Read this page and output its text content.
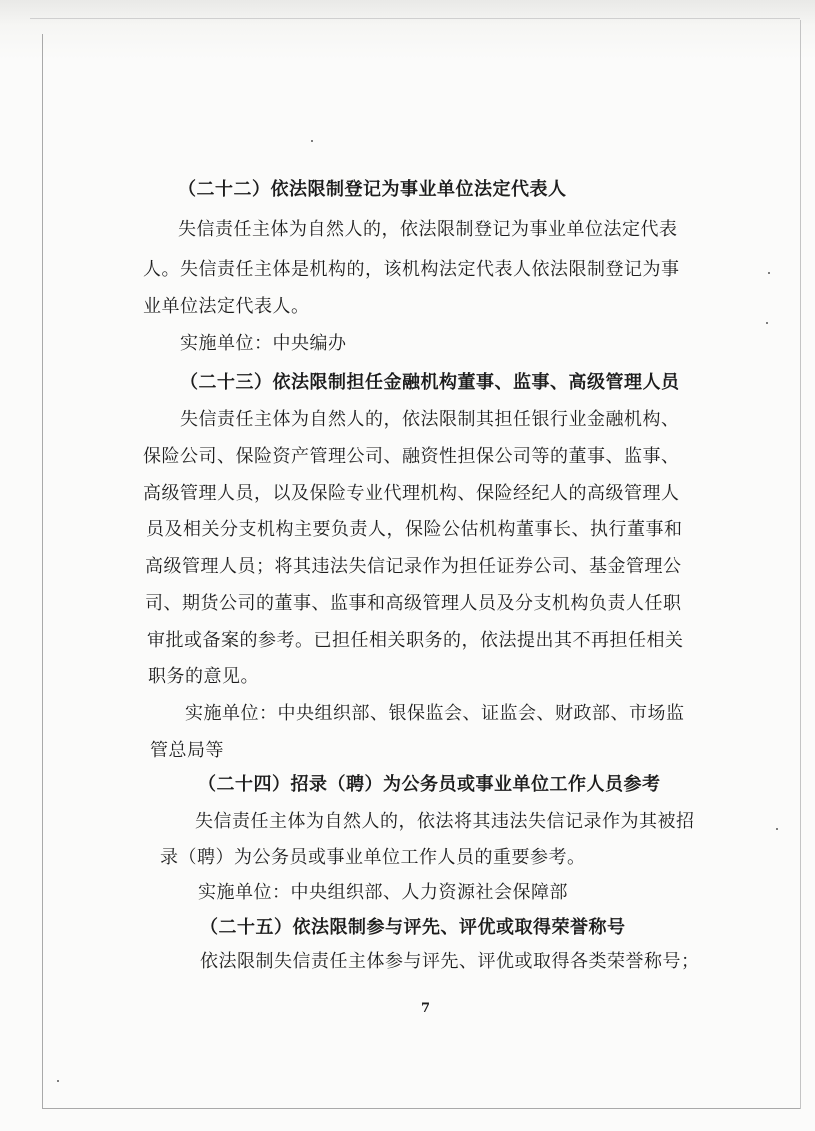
（二十二）依法限制登记为事业单位法定代表人
失信责任主体为自然人的，依法限制登记为事业单位法定代表
人。失信责任主体是机构的，该机构法定代表人依法限制登记为事
业单位法定代表人。
实施单位：中央编办
（二十三）依法限制担任金融机构董事、监事、高级管理人员
失信责任主体为自然人的，依法限制其担任银行业金融机构、
保险公司、保险资产管理公司、融资性担保公司等的董事、监事、
高级管理人员，以及保险专业代理机构、保险经纪人的高级管理人
员及相关分支机构主要负责人，保险公估机构董事长、执行董事和
高级管理人员；将其违法失信记录作为担任证券公司、基金管理公
司、期货公司的董事、监事和高级管理人员及分支机构负责人任职
审批或备案的参考。已担任相关职务的，依法提出其不再担任相关
职务的意见。
实施单位：中央组织部、银保监会、证监会、财政部、市场监
管总局等
（二十四）招录（聘）为公务员或事业单位工作人员参考
失信责任主体为自然人的，依法将其违法失信记录作为其被招
录（聘）为公务员或事业单位工作人员的重要参考。
实施单位：中央组织部、人力资源社会保障部
（二十五）依法限制参与评先、评优或取得荣誉称号
依法限制失信责任主体参与评先、评优或取得各类荣誉称号；
7
